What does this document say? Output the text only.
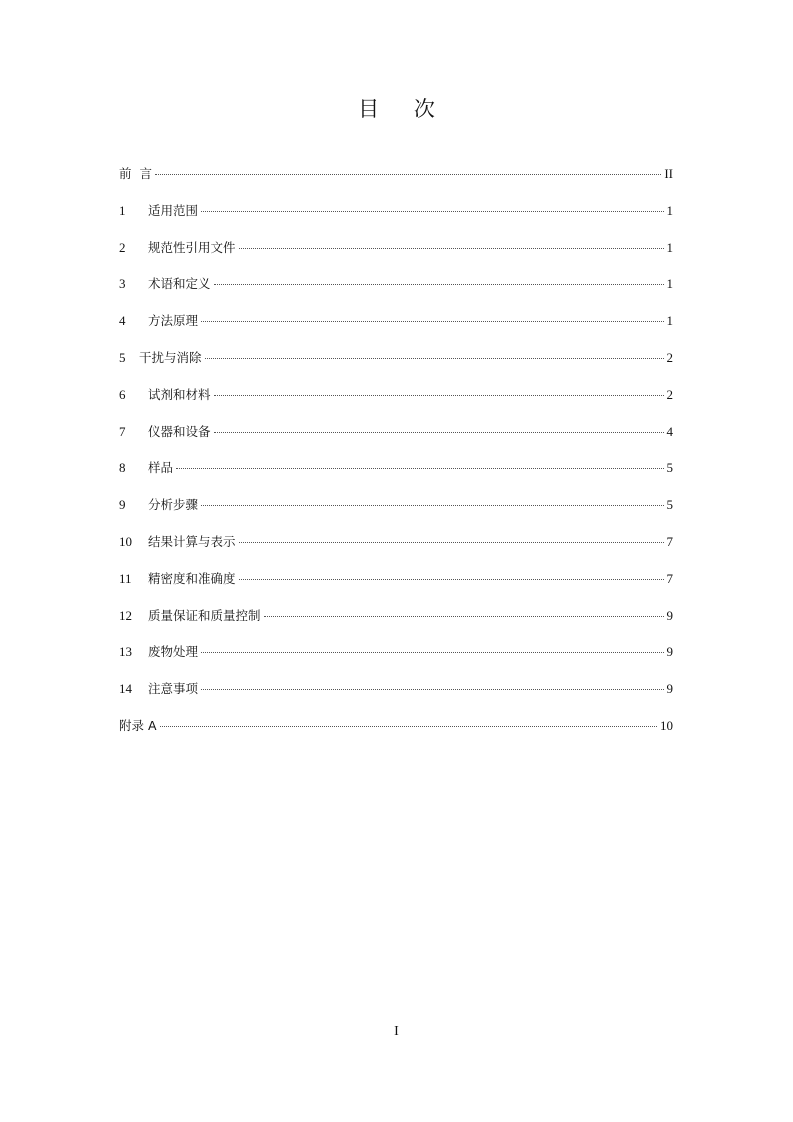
目 次
前  言	II
1	适用范围	1
2	规范性引用文件	1
3	术语和定义	1
4	方法原理	1
5	干扰与消除	2
6	试剂和材料	2
7	仪器和设备	4
8	样品	5
9	分析步骤	5
10	结果计算与表示	7
11	精密度和准确度	7
12	质量保证和质量控制	9
13	废物处理	9
14	注意事项	9
附录 A	10
I
